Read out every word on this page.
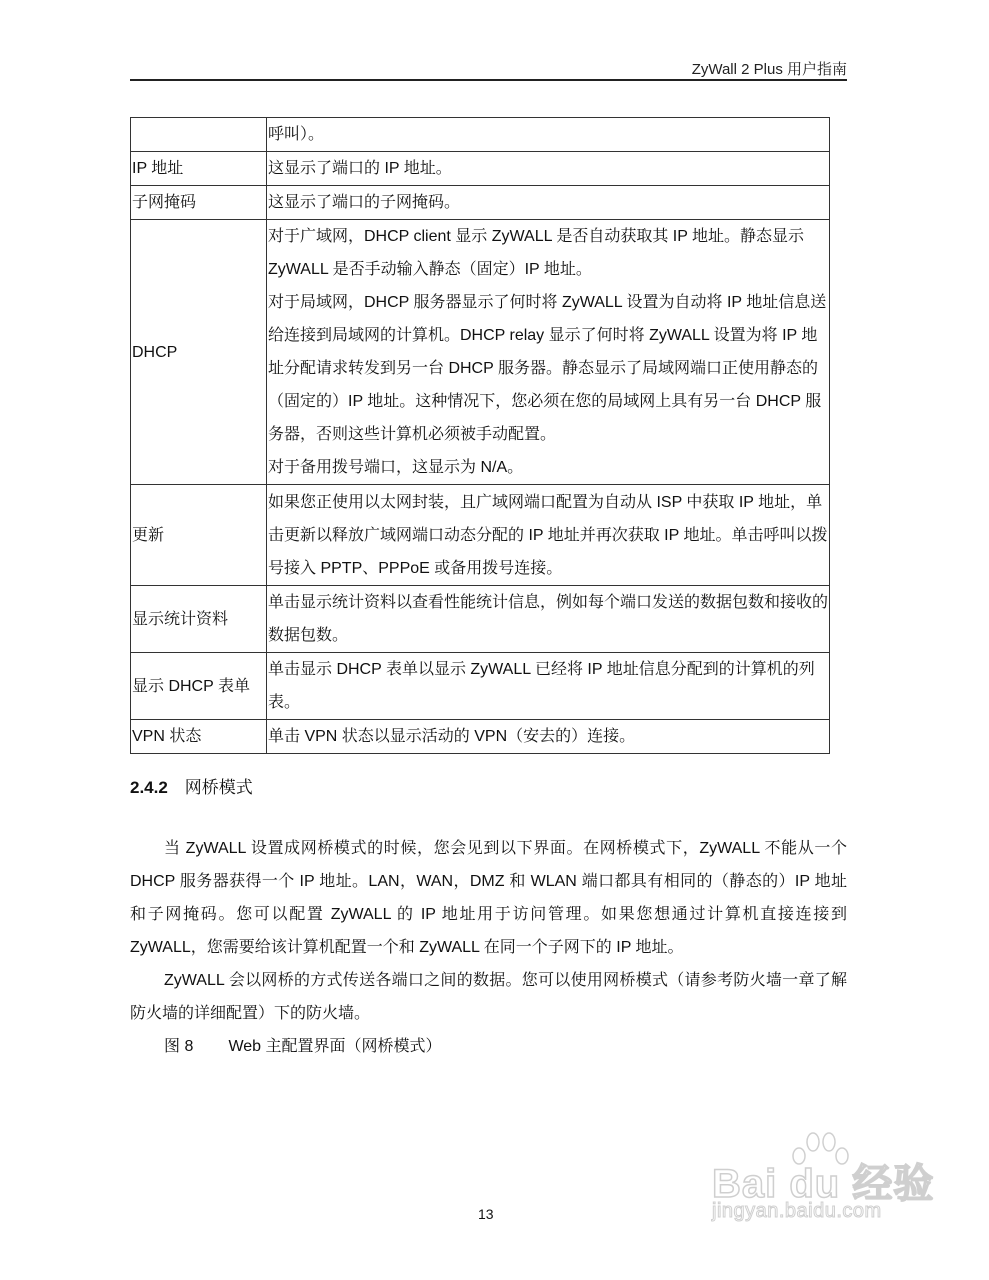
ZyWall 2 Plus 用户指南
	呼叫）。
IP 地址	这显示了端口的 IP 地址。
子网掩码	这显示了端口的子网掩码。
DHCP	对于广域网，DHCP client 显示 ZyWALL 是否自动获取其 IP 地址。静态显示 ZyWALL 是否手动输入静态（固定）IP 地址。
对于局域网，DHCP 服务器显示了何时将 ZyWALL 设置为自动将 IP 地址信息送给连接到局域网的计算机。DHCP relay 显示了何时将 ZyWALL 设置为将 IP 地址分配请求转发到另一台 DHCP 服务器。静态显示了局域网端口正使用静态的（固定的）IP 地址。这种情况下，您必须在您的局域网上具有另一台 DHCP 服务器，否则这些计算机必须被手动配置。
对于备用拨号端口，这显示为 N/A。

更新	如果您正使用以太网封装，且广域网端口配置为自动从 ISP 中获取 IP 地址，单击更新以释放广域网端口动态分配的 IP 地址并再次获取 IP 地址。单击呼叫以拨号接入 PPTP、PPPoE 或备用拨号连接。
显示统计资料	单击显示统计资料以查看性能统计信息，例如每个端口发送的数据包数和接收的数据包数。
显示 DHCP 表单	单击显示 DHCP 表单以显示 ZyWALL 已经将 IP 地址信息分配到的计算机的列表。
VPN 状态	单击 VPN 状态以显示活动的 VPN（安去的）连接。
2.4.2 网桥模式
当 ZyWALL 设置成网桥模式的时候，您会见到以下界面。在网桥模式下，ZyWALL 不能从一个 DHCP 服务器获得一个 IP 地址。LAN，WAN，DMZ 和 WLAN 端口都具有相同的（静态的）IP 地址和子网掩码。您可以配置 ZyWALL 的 IP 地址用于访问管理。如果您想通过计算机直接连接到 ZyWALL，您需要给该计算机配置一个和 ZyWALL 在同一个子网下的 IP 地址。
ZyWALL 会以网桥的方式传送各端口之间的数据。您可以使用网桥模式（请参考防火墙一章了解防火墙的详细配置）下的防火墙。
图 8 Web 主配置界面（网桥模式）
13
Bai du 经验
jingyan.baidu.com
